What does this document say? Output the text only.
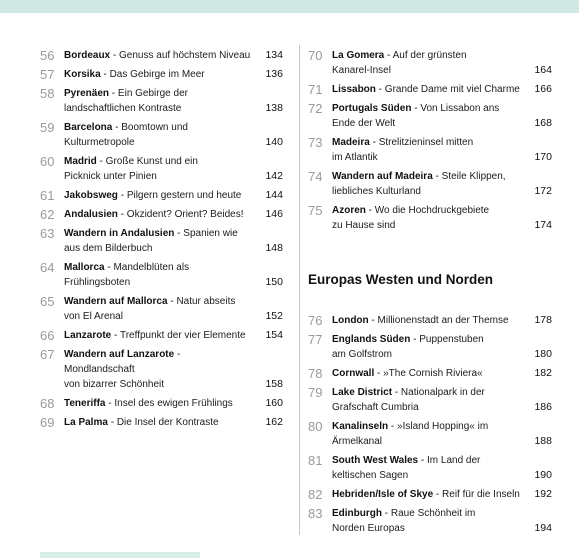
56 Bordeaux - Genuss auf höchstem Niveau	134
57 Korsika - Das Gebirge im Meer	136
58 Pyrenäen - Ein Gebirge der
landschaftlichen Kontraste	138
59 Barcelona - Boomtown und
Kulturmetropole	140
60 Madrid - Große Kunst und ein
Picknick unter Pinien	142
61 Jakobsweg - Pilgern gestern und heute	144
62 Andalusien - Okzident? Orient? Beides!	146
63 Wandern in Andalusien - Spanien wie
aus dem Bilderbuch	148
64 Mallorca - Mandelblüten als
Frühlingsboten	150
65 Wandern auf Mallorca - Natur abseits
von El Arenal	152
66 Lanzarote - Treffpunkt der vier Elemente	154
67 Wandern auf Lanzarote - Mondlandschaft
von bizarrer Schönheit	158
68 Teneriffa - Insel des ewigen Frühlings	160
69 La Palma - Die Insel der Kontraste	162
70 La Gomera - Auf der grünsten
Kanarel-Insel	164
71 Lissabon - Grande Dame mit viel Charme	166
72 Portugals Süden - Von Lissabon ans
Ende der Welt	168
73 Madeira - Strelitzieninsel mitten
im Atlantik	170
74 Wandern auf Madeira - Steile Klippen,
liebliches Kulturland	172
75 Azoren - Wo die Hochdruckgebiete
zu Hause sind	174
Europas Westen und Norden
76 London - Millionenstadt an der Themse	178
77 Englands Süden - Puppenstuben
am Golfstrom	180
78 Cornwall - »The Cornish Riviera«	182
79 Lake District - Nationalpark in der
Grafschaft Cumbria	186
80 Kanalinseln - »Island Hopping« im
Ärmelkanal	188
81 South West Wales - Im Land der
keltischen Sagen	190
82 Hebriden/Isle of Skye - Reif für die Inseln	192
83 Edinburgh - Raue Schönheit im
Norden Europas	194
